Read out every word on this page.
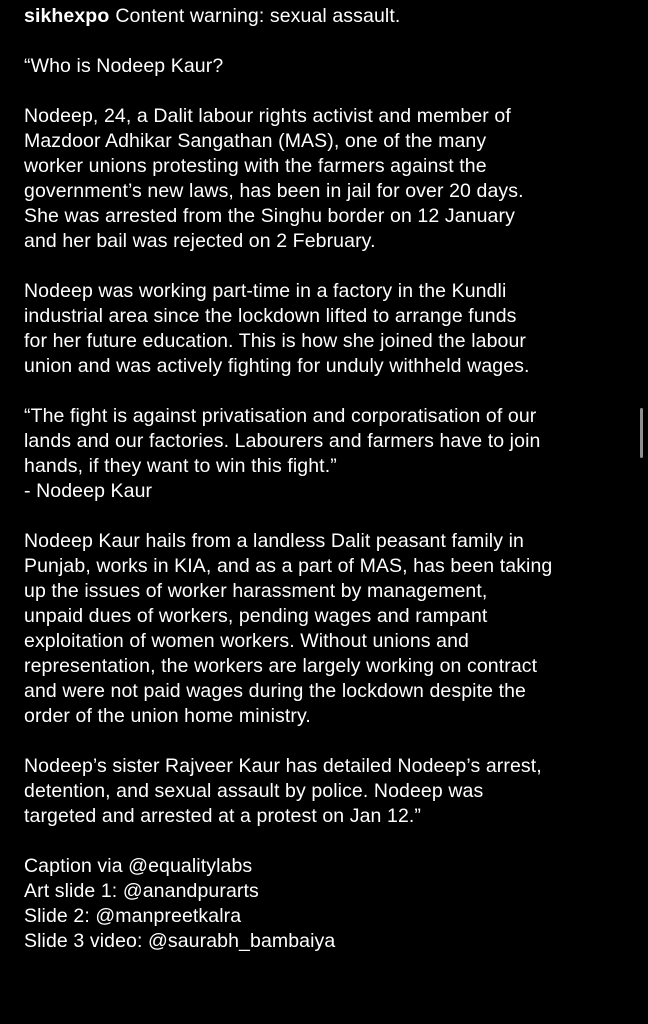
sikhexpo Content warning: sexual assault.

“Who is Nodeep Kaur?

Nodeep, 24, a Dalit labour rights activist and member of
Mazdoor Adhikar Sangathan (MAS), one of the many
worker unions protesting with the farmers against the
government’s new laws, has been in jail for over 20 days.
She was arrested from the Singhu border on 12 January
and her bail was rejected on 2 February.

Nodeep was working part-time in a factory in the Kundli
industrial area since the lockdown lifted to arrange funds
for her future education. This is how she joined the labour
union and was actively fighting for unduly withheld wages.

“The fight is against privatisation and corporatisation of our
lands and our factories. Labourers and farmers have to join
hands, if they want to win this fight.”
- Nodeep Kaur

Nodeep Kaur hails from a landless Dalit peasant family in
Punjab, works in KIA, and as a part of MAS, has been taking
up the issues of worker harassment by management,
unpaid dues of workers, pending wages and rampant
exploitation of women workers. Without unions and
representation, the workers are largely working on contract
and were not paid wages during the lockdown despite the
order of the union home ministry.

Nodeep’s sister Rajveer Kaur has detailed Nodeep’s arrest,
detention, and sexual assault by police. Nodeep was
targeted and arrested at a protest on Jan 12.”

Caption via @equalitylabs
Art slide 1: @anandpurarts
Slide 2: @manpreetkalra
Slide 3 video: @saurabh_bambaiya
